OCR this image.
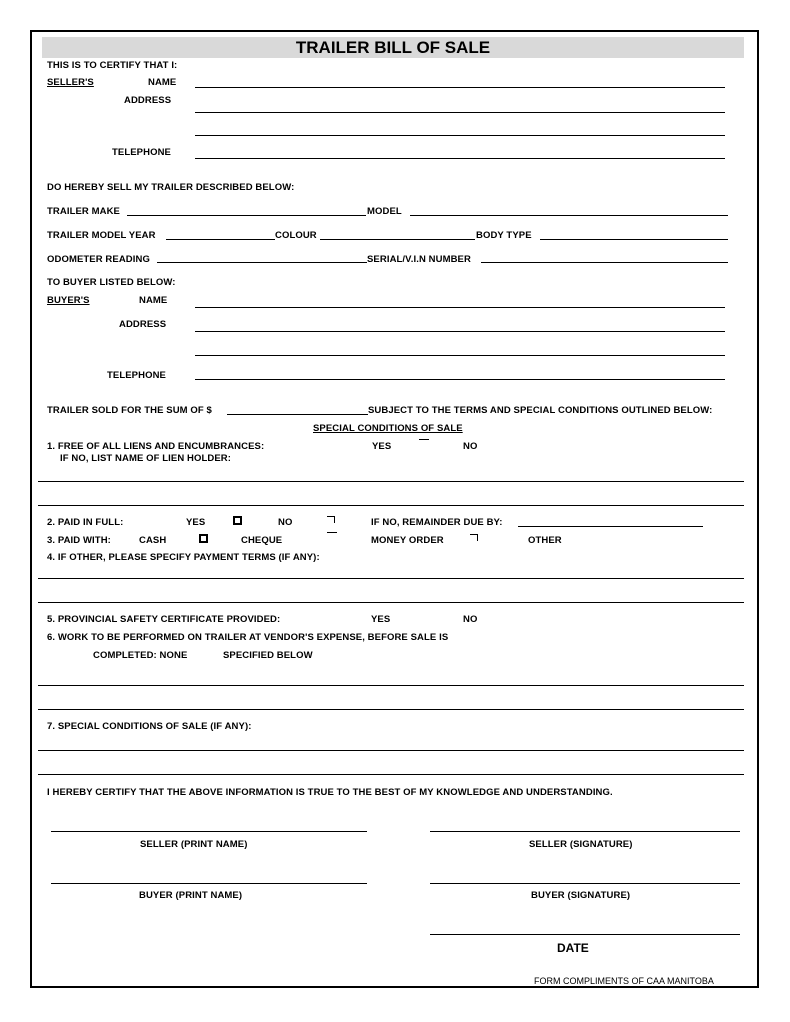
TRAILER BILL OF SALE
THIS IS TO CERTIFY THAT I:
SELLER'S	NAME
ADDRESS
TELEPHONE
DO HEREBY SELL MY TRAILER DESCRIBED BELOW:
TRAILER MAKE	MODEL
TRAILER MODEL YEAR	COLOUR	BODY TYPE
ODOMETER READING	SERIAL/V.I.N NUMBER
TO BUYER LISTED BELOW:
BUYER'S	NAME
ADDRESS
TELEPHONE
TRAILER SOLD FOR THE SUM OF $	SUBJECT TO THE TERMS AND SPECIAL CONDITIONS OUTLINED BELOW:
SPECIAL CONDITIONS OF SALE
1. FREE OF ALL LIENS AND ENCUMBRANCES:	YES	NO
IF NO, LIST NAME OF LIEN HOLDER:
2. PAID IN FULL:	YES	NO	IF NO, REMAINDER DUE BY:
3. PAID WITH:	CASH	CHEQUE	MONEY ORDER	OTHER
4. IF OTHER, PLEASE SPECIFY PAYMENT TERMS (IF ANY):
5. PROVINCIAL SAFETY CERTIFICATE PROVIDED:	YES	NO
6. WORK TO BE PERFORMED ON TRAILER AT VENDOR'S EXPENSE, BEFORE SALE IS
COMPLETED: NONE	SPECIFIED BELOW
7. SPECIAL CONDITIONS OF SALE (IF ANY):
I HEREBY CERTIFY THAT THE ABOVE INFORMATION IS TRUE TO THE BEST OF MY KNOWLEDGE AND UNDERSTANDING.
SELLER (PRINT NAME)	SELLER (SIGNATURE)
BUYER (PRINT NAME)	BUYER (SIGNATURE)
DATE
FORM COMPLIMENTS OF CAA MANITOBA
